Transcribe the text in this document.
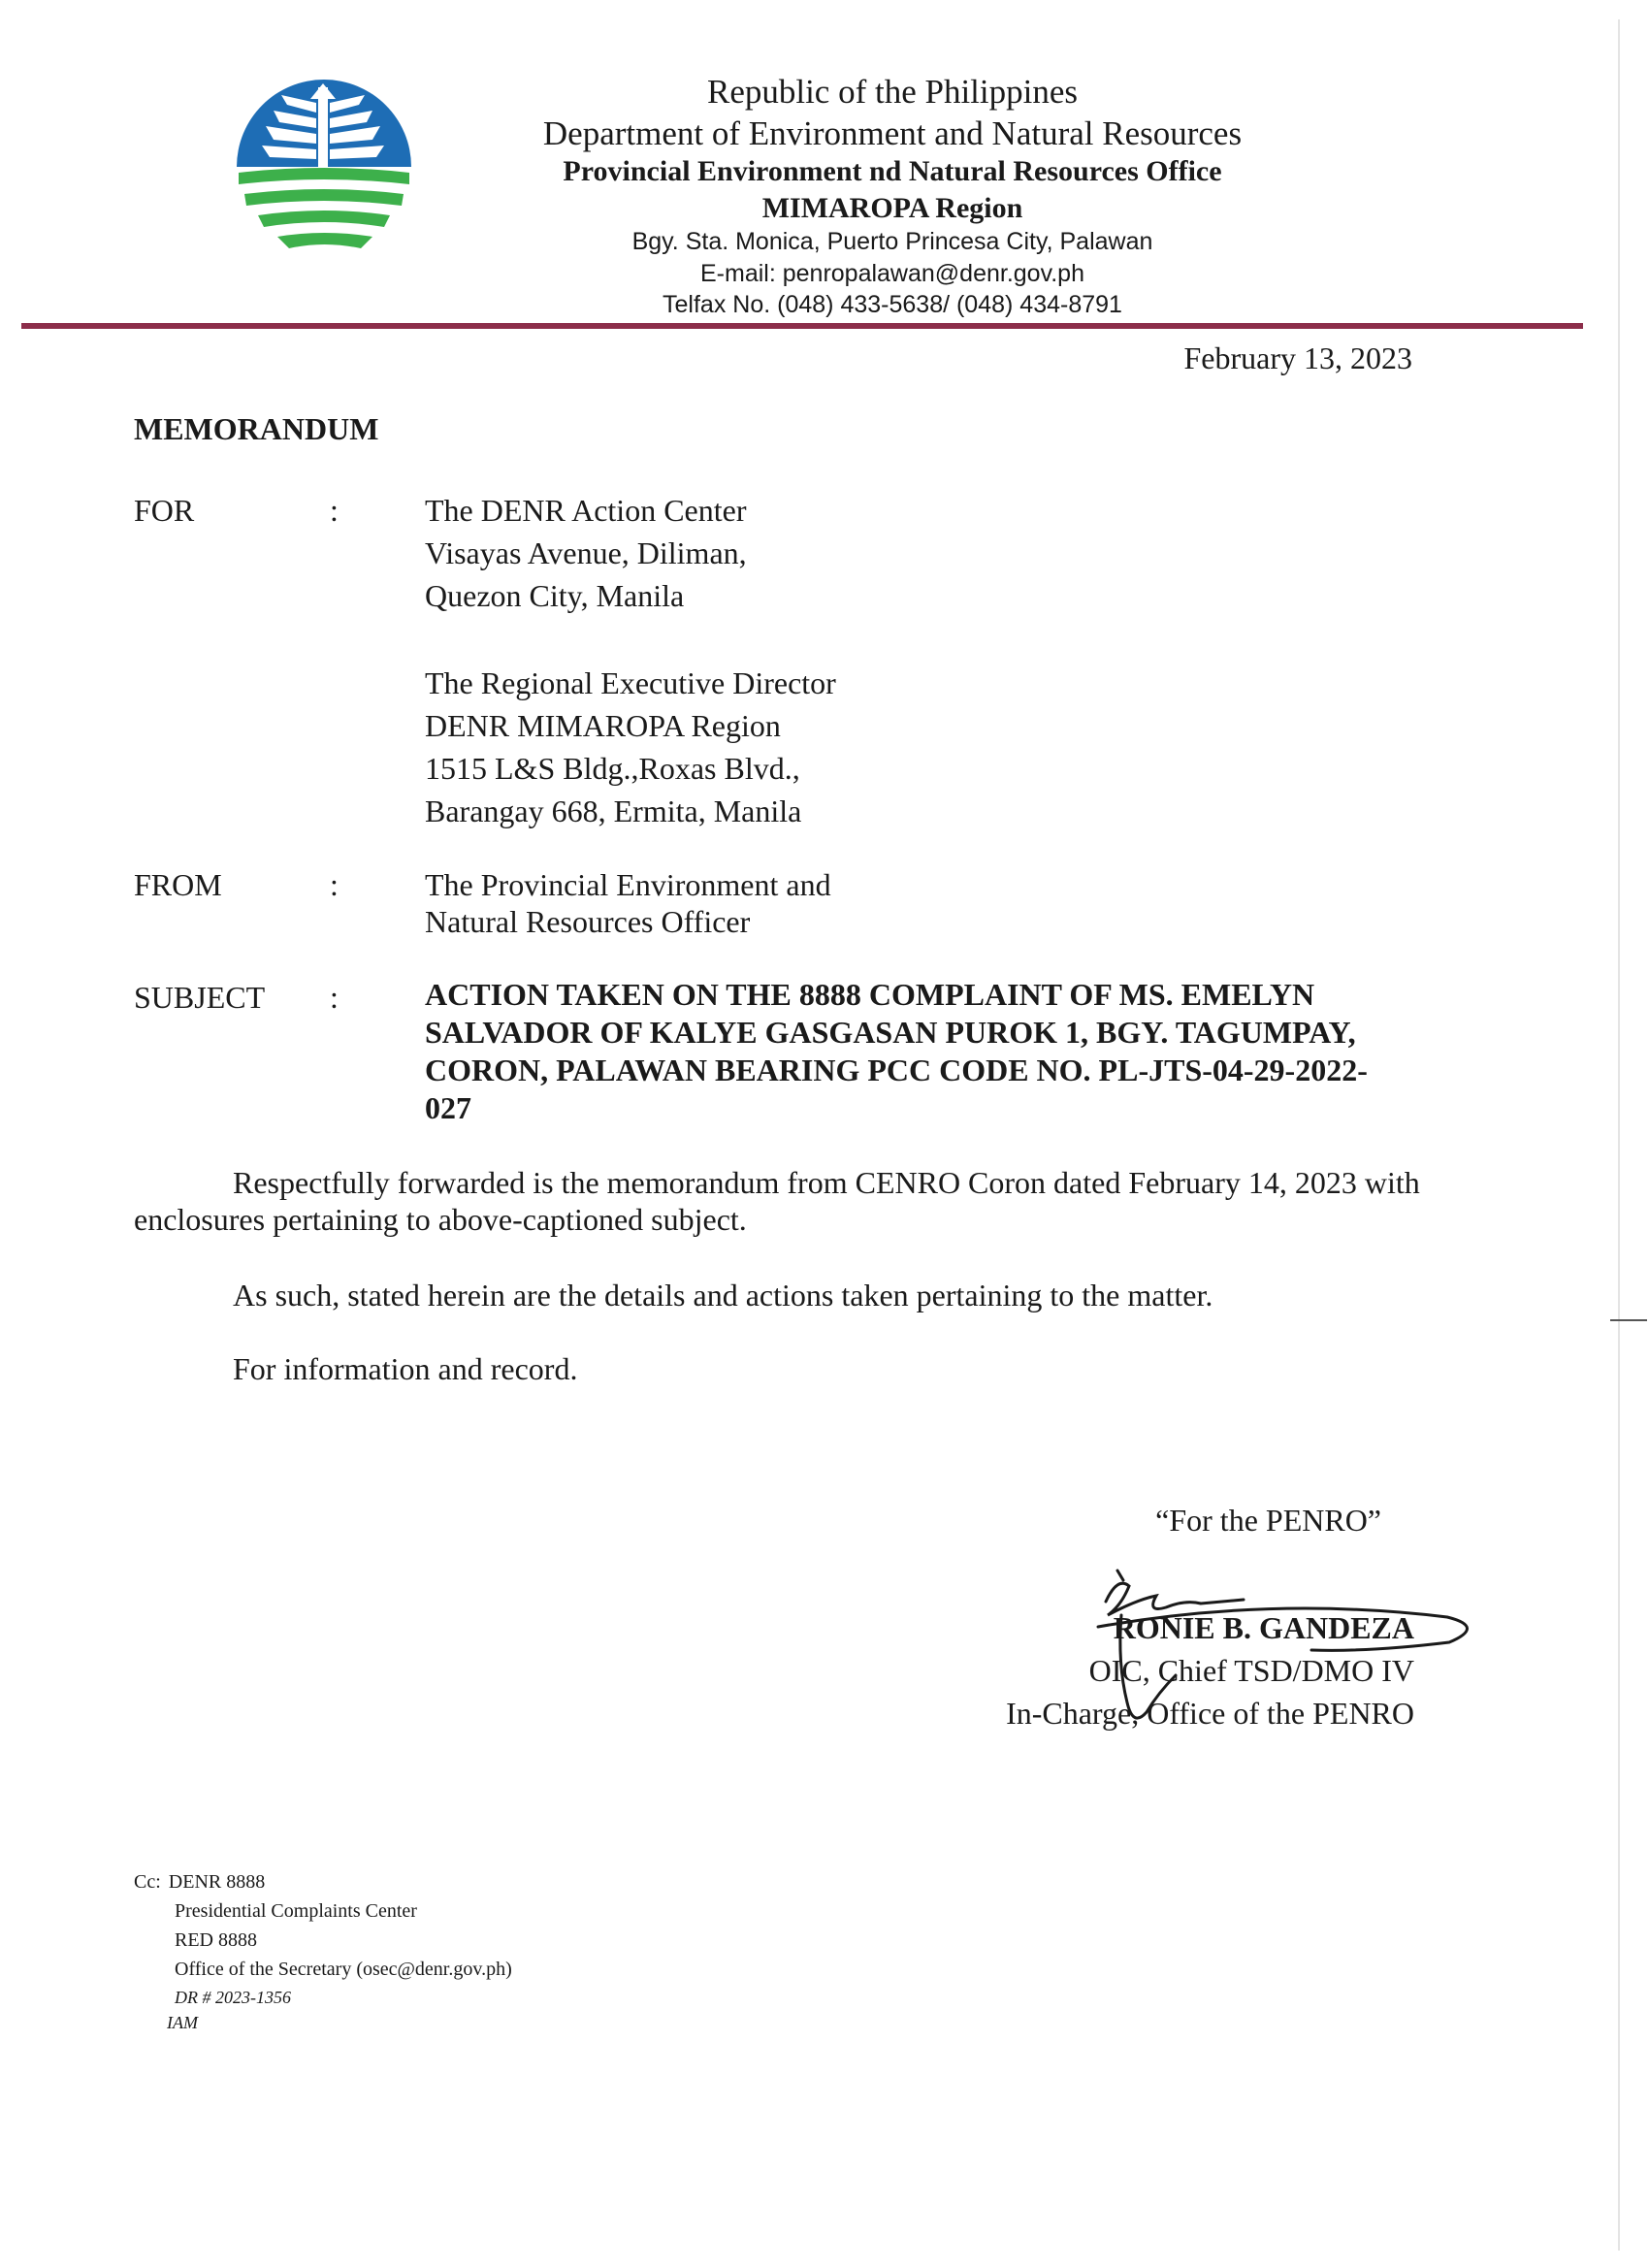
Republic of the Philippines
Department of Environment and Natural Resources
Provincial Environment nd Natural Resources Office
MIMAROPA Region
Bgy. Sta. Monica, Puerto Princesa City, Palawan
E-mail: penropalawan@denr.gov.ph
Telfax No. (048) 433-5638/ (048) 434-8791
February 13, 2023
MEMORANDUM
FOR	:	The DENR Action Center
Visayas Avenue, Diliman,
Quezon City, Manila
The Regional Executive Director
DENR MIMAROPA Region
1515 L&S Bldg.,Roxas Blvd.,
Barangay 668, Ermita, Manila
FROM	:	The Provincial Environment and
Natural Resources Officer
SUBJECT :	ACTION TAKEN ON THE 8888 COMPLAINT OF MS. EMELYN
SALVADOR OF KALYE GASGASAN PUROK 1, BGY. TAGUMPAY,
CORON, PALAWAN BEARING PCC CODE NO. PL-JTS-04-29-2022-
027
Respectfully forwarded is the memorandum from CENRO Coron dated February 14, 2023 with enclosures pertaining to above-captioned subject.
As such, stated herein are the details and actions taken pertaining to the matter.
For information and record.
“For the PENRO”
RONIE B. GANDEZA
OIC, Chief TSD/DMO IV
In-Charge, Office of the PENRO
Cc: DENR 8888
Presidential Complaints Center
RED 8888
Office of the Secretary (osec@denr.gov.ph)
DR # 2023-1356
IAM
